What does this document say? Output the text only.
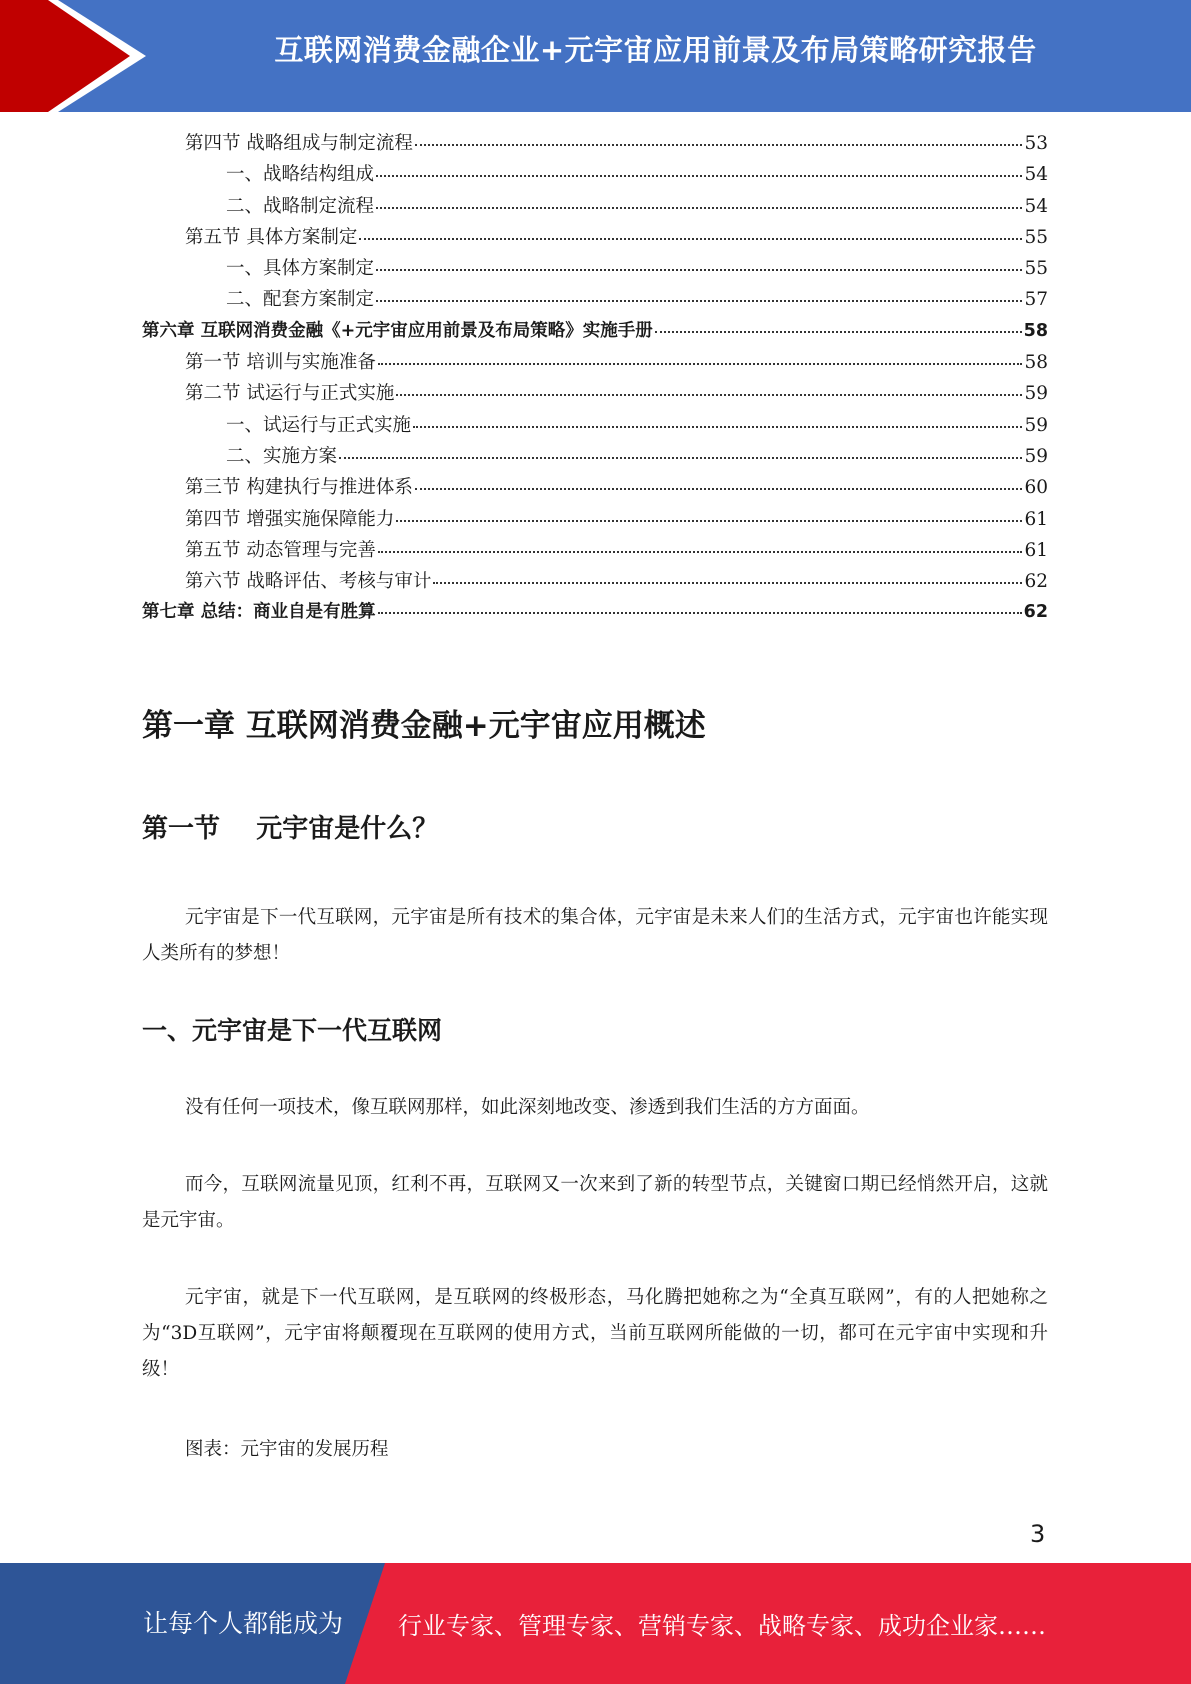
互联网消费金融企业+元宇宙应用前景及布局策略研究报告
第四节 战略组成与制定流程	53
一、战略结构组成	54
二、战略制定流程	54
第五节 具体方案制定	55
一、具体方案制定	55
二、配套方案制定	57
第六章 互联网消费金融《+元宇宙应用前景及布局策略》实施手册	58
第一节 培训与实施准备	58
第二节 试运行与正式实施	59
一、试运行与正式实施	59
二、实施方案	59
第三节 构建执行与推进体系	60
第四节 增强实施保障能力	61
第五节 动态管理与完善	61
第六节 战略评估、考核与审计	62
第七章 总结：商业自是有胜算	62
第一章 互联网消费金融+元宇宙应用概述
第一节    元宇宙是什么？

元宇宙是下一代互联网，元宇宙是所有技术的集合体，元宇宙是未来人们的生活方式，元宇宙也许能实现人类所有的梦想！

一、元宇宙是下一代互联网

没有任何一项技术，像互联网那样，如此深刻地改变、渗透到我们生活的方方面面。

而今，互联网流量见顶，红利不再，互联网又一次来到了新的转型节点，关键窗口期已经悄然开启，这就是元宇宙。

元宇宙，就是下一代互联网，是互联网的终极形态，马化腾把她称之为“全真互联网”，有的人把她称之为“3D互联网”，元宇宙将颠覆现在互联网的使用方式，当前互联网所能做的一切，都可在元宇宙中实现和升级！

图表：元宇宙的发展历程

3
让每个人都能成为 行业专家、管理专家、营销专家、战略专家、成功企业家……
